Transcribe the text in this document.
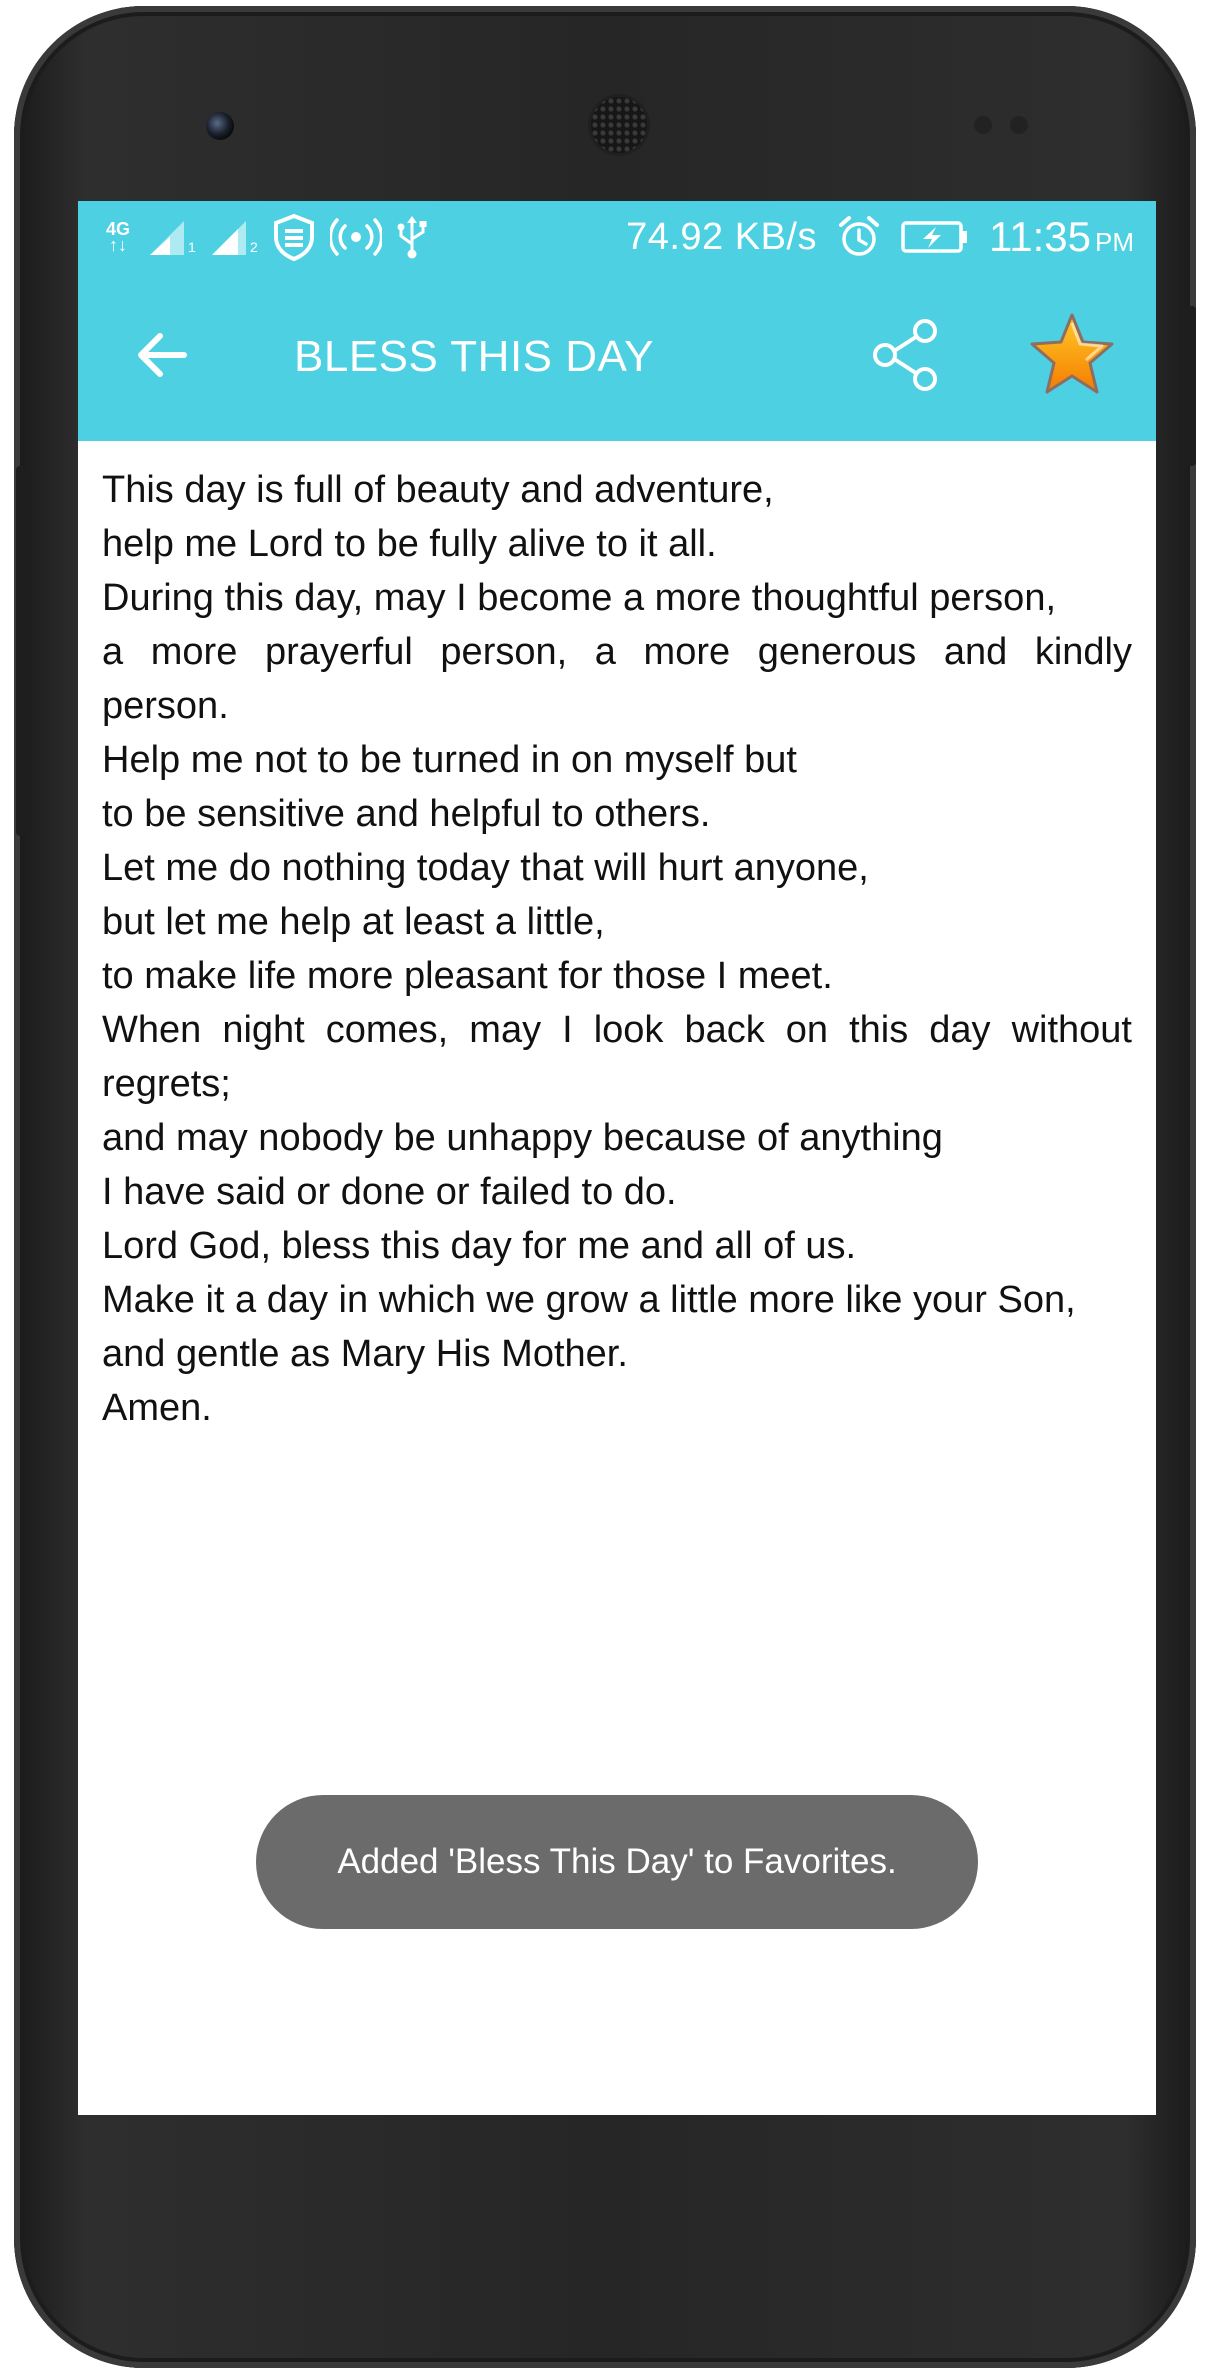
4G
↑↓	1	2	74.92 KB/s	11:35 PM
BLESS THIS DAY
This day is full of beauty and adventure,
help me Lord to be fully alive to it all.
During this day, may I become a more thoughtful person,
a more prayerful person, a more generous and kindly person.
Help me not to be turned in on myself but
to be sensitive and helpful to others.
Let me do nothing today that will hurt anyone,
but let me help at least a little,
to make life more pleasant for those I meet.
When night comes, may I look back on this day without regrets;
and may nobody be unhappy because of anything
I have said or done or failed to do.
Lord God, bless this day for me and all of us.
Make it a day in which we grow a little more like your Son,
and gentle as Mary His Mother.
Amen.
Added 'Bless This Day' to Favorites.
